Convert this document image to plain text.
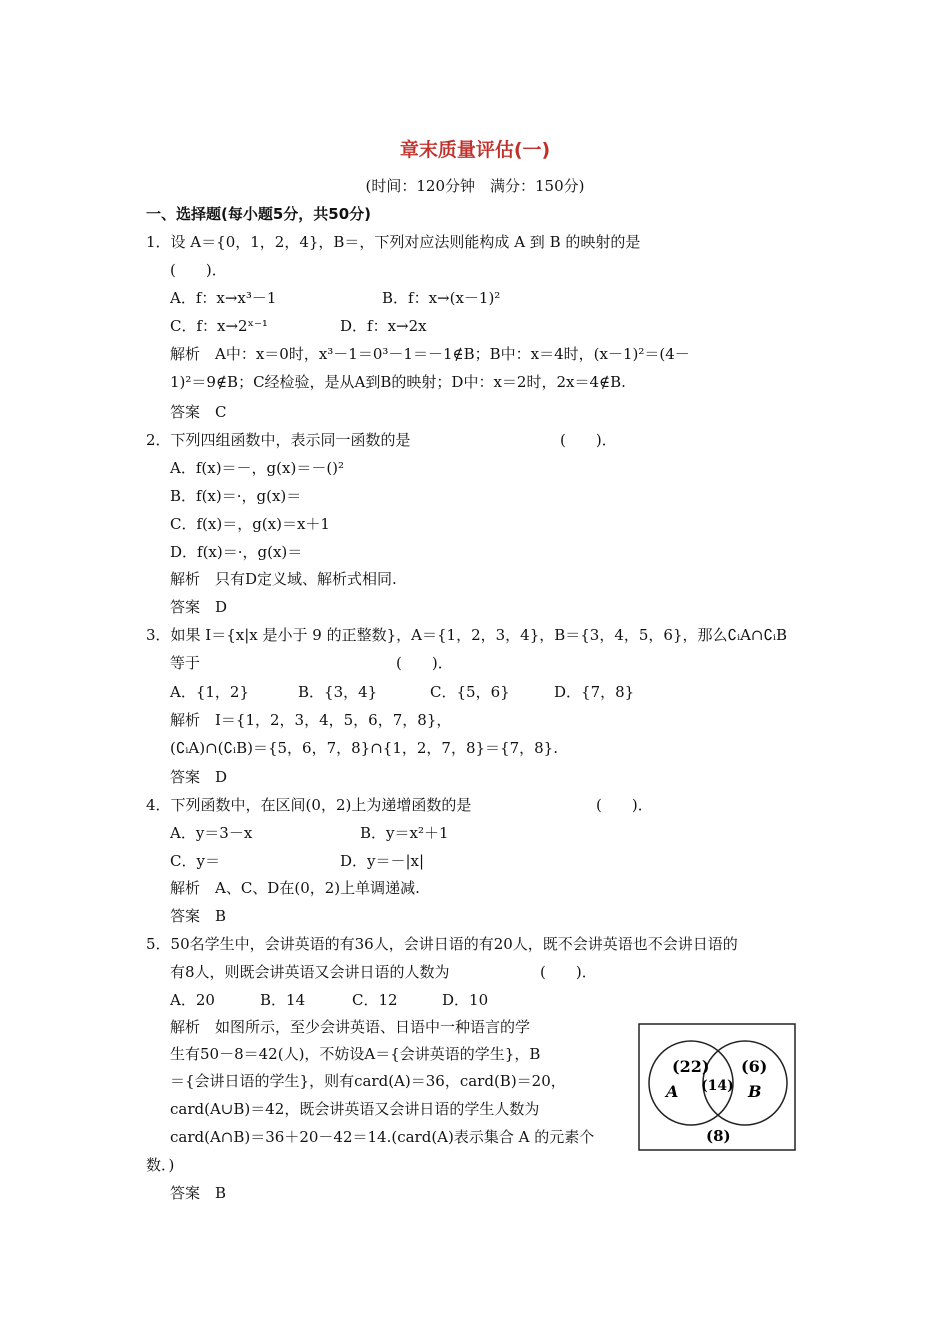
章末质量评估(一)
(时间：120分钟　满分：150分)
一、选择题(每小题5分，共50分)
1．设 A＝{0，1，2，4}，B＝，下列对应法则能构成 A 到 B 的映射的是
(　　)．
A．f：x→x³－1	B．f：x→(x－1)²
C．f：x→2ˣ⁻¹	D．f：x→2x
解析　A中：x＝0时，x³－1＝0³－1＝－1∉B；B中：x＝4时，(x－1)²＝(4－
1)²＝9∉B；C经检验，是从A到B的映射；D中：x＝2时，2x＝4∉B.
答案　C
2．下列四组函数中，表示同一函数的是	(　　)．
A．f(x)＝－，g(x)＝－()²
B．f(x)＝·，g(x)＝
C．f(x)＝，g(x)＝x＋1
D．f(x)＝·，g(x)＝
解析　只有D定义域、解析式相同.
答案　D
3．如果 I＝{x|x 是小于 9 的正整数}，A＝{1，2，3，4}，B＝{3，4，5，6}，那么∁ᵢA∩∁ᵢB
等于	(　　)．
A．{1，2}	B．{3，4}	C．{5，6}	D．{7，8}
解析　I＝{1，2，3，4，5，6，7，8}，
(∁ᵢA)∩(∁ᵢB)＝{5，6，7，8}∩{1，2，7，8}＝{7，8}.
答案　D
4．下列函数中，在区间(0，2)上为递增函数的是	(　　)．
A．y＝3－x	B．y＝x²＋1
C．y＝	D．y＝－|x|
解析　A、C、D在(0，2)上单调递减.
答案　B
5．50名学生中，会讲英语的有36人，会讲日语的有20人，既不会讲英语也不会讲日语的
有8人，则既会讲英语又会讲日语的人数为	(　　)．
A．20	B．14	C．12	D．10
解析　如图所示，至少会讲英语、日语中一种语言的学
生有50－8＝42(人)，不妨设A＝{会讲英语的学生}，B
＝{会讲日语的学生}，则有card(A)＝36，card(B)＝20，
card(A∪B)＝42，既会讲英语又会讲日语的学生人数为
card(A∩B)＝36＋20－42＝14.(card(A)表示集合 A 的元素个
数．)
答案　B
(22)
A (14)
(6)
B
(8)
